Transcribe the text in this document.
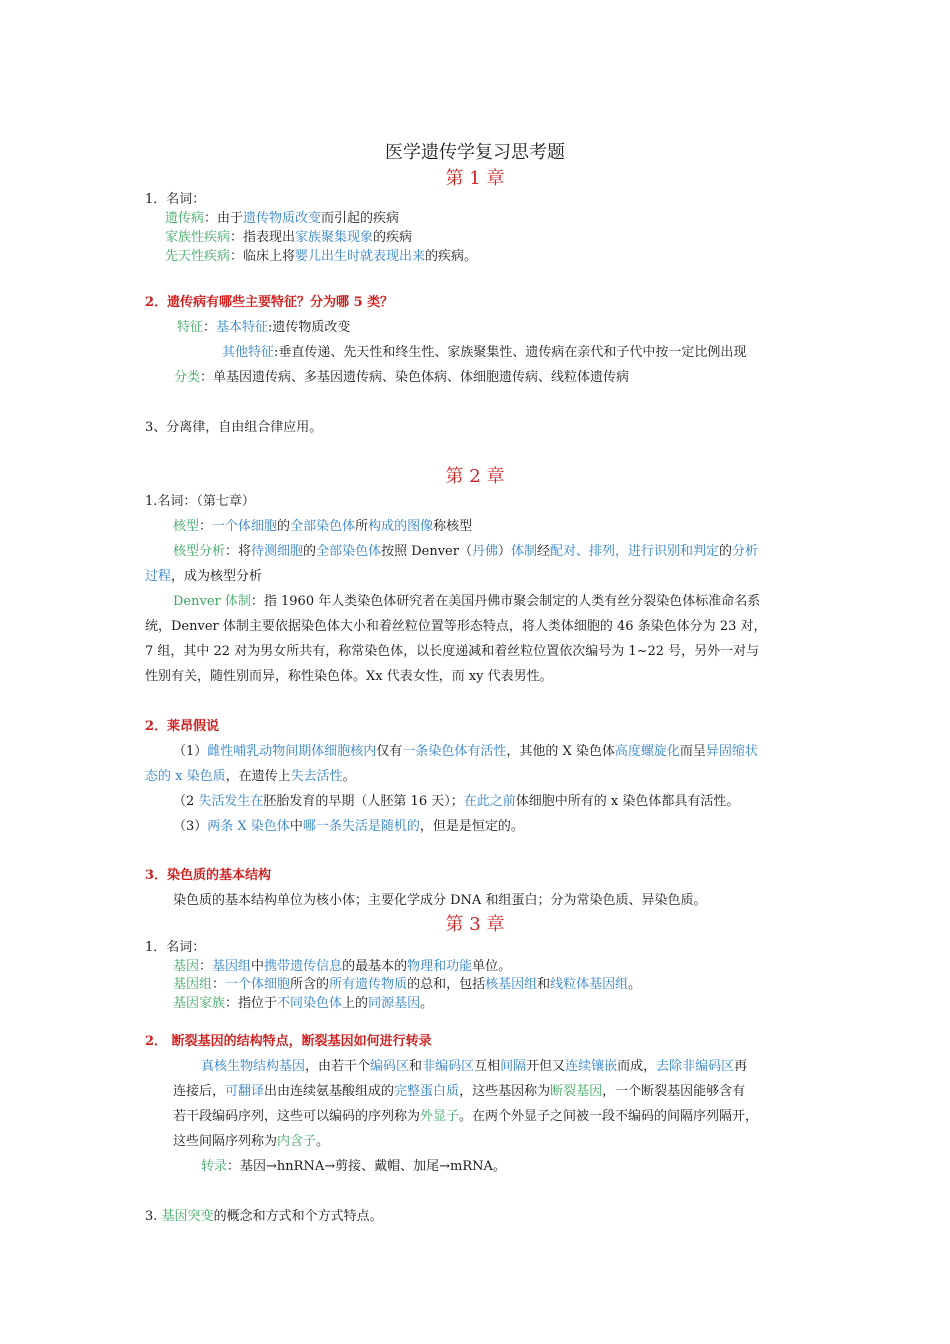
医学遗传学复习思考题
第 1 章
1．名词：
遗传病：由于遗传物质改变而引起的疾病
家族性疾病：指表现出家族聚集现象的疾病
先天性疾病：临床上将婴儿出生时就表现出来的疾病。
2．遗传病有哪些主要特征？分为哪 5 类？
特征：基本特征:遗传物质改变
其他特征:垂直传递、先天性和终生性、家族聚集性、遗传病在亲代和子代中按一定比例出现
分类：单基因遗传病、多基因遗传病、染色体病、体细胞遗传病、线粒体遗传病
3、分离律，自由组合律应用。
第 2 章
1.名词：（第七章）
核型：一个体细胞的全部染色体所构成的图像称核型
核型分析：将待测细胞的全部染色体按照 Denver（丹佛）体制经配对、排列，进行识别和判定的分析
过程，成为核型分析
Denver 体制：指 1960 年人类染色体研究者在美国丹佛市聚会制定的人类有丝分裂染色体标准命名系
统，Denver 体制主要依据染色体大小和着丝粒位置等形态特点，将人类体细胞的 46 条染色体分为 23 对，
7 组，其中 22 对为男女所共有，称常染色体，以长度递减和着丝粒位置依次编号为 1~22 号，另外一对与
性别有关，随性别而异，称性染色体。Xx 代表女性，而 xy 代表男性。
2．莱昂假说
（1）雌性哺乳动物间期体细胞核内仅有一条染色体有活性，其他的 X 染色体高度螺旋化而呈异固缩状
态的 x 染色质，在遗传上失去活性。
（2 失活发生在胚胎发育的早期（人胚第 16 天）；在此之前体细胞中所有的 x 染色体都具有活性。
（3）两条 X 染色体中哪一条失活是随机的，但是是恒定的。
3．染色质的基本结构
染色质的基本结构单位为核小体；主要化学成分 DNA 和组蛋白；分为常染色质、异染色质。
第 3 章
1．名词：
基因：基因组中携带遗传信息的最基本的物理和功能单位。
基因组：一个体细胞所含的所有遗传物质的总和，包括核基因组和线粒体基因组。
基因家族：指位于不同染色体上的同源基因。
2． 断裂基因的结构特点，断裂基因如何进行转录
真核生物结构基因，由若干个编码区和非编码区互相间隔开但又连续镶嵌而成，去除非编码区再
连接后，可翻译出由连续氨基酸组成的完整蛋白质，这些基因称为断裂基因，一个断裂基因能够含有
若干段编码序列，这些可以编码的序列称为外显子。在两个外显子之间被一段不编码的间隔序列隔开，
这些间隔序列称为内含子。
转录：基因→hnRNA→剪接、戴帽、加尾→mRNA。
3. 基因突变的概念和方式和个方式特点。
